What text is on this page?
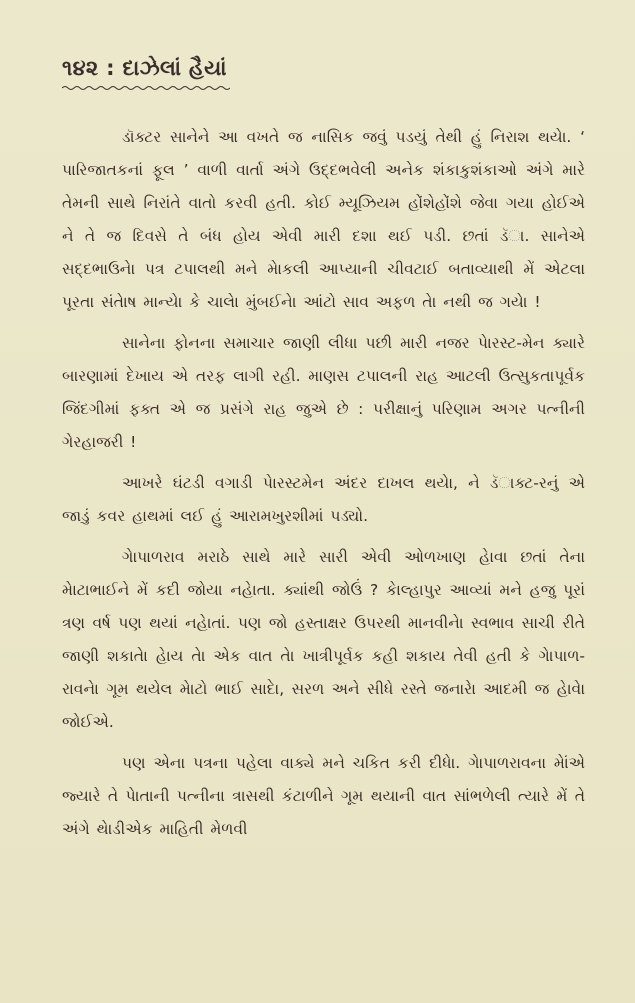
૧૪૨ : દાઝેલાં હૈયાં

ડૉક્ટર સાનેને આ વખતે જ નાસિક જવું પડયું તેથી હું નિરાશ થયેા. ‘ પારિજાતકનાં ફૂલ ’ વાળી વાર્તા અંગે ઉદ્દભવેલી અનેક શંકાકુશંકાઓ અંગે મારે તેમની સાથે નિરાંતે વાતો કરવી હતી. કોઈ મ્યૂઝિયમ હોંશેહોંશે જેવા ગયા હોઈએ ને તે જ દિવસે તે બંધ હોય એવી મારી દશા થઈ પડી. છતાં ડૅા. સાનેએ સદ્દભાઉનેા પત્ર ટપાલથી મને મેાકલી આપ્યાની ચીવટાઈ બતાવ્યાથી મેં એટલા પૂરતા સંતેાષ માન્યેા કે ચાલેા મુંબઈનેા આંટો સાવ અફળ તેા નથી જ ગયેા !

સાનેના ફોનના સમાચાર જાણી લીધા પછી મારી નજર પેારસ્ટ-મેન ક્યારે બારણામાં દેખાય એ તરફ લાગી રહી. માણસ ટપાલની રાહ આટલી ઉત્સુકતાપૂર્વક જિંદગીમાં ફક્ત એ જ પ્રસંગે રાહ જુએ છે : પરીક્ષાનું પરિણામ અગર પત્નીની ગેરહાજરી !

આખરે ઘંટડી વગાડી પેારસ્ટમેન અંદર દાખલ થયેા, ને ડૅાક્ટ-રનું એ જાડું કવર હાથમાં લઈ હું આરામખુરશીમાં પડ્યો.

ગેાપાળરાવ મરાઠે સાથે મારે સારી એવી ઓળખાણ હેાવા છતાં તેના મેાટાભાઈને મેં કદી જોયા નહેાતા. ક્યાંથી જોઉં ? કેાલ્હાપુર આવ્યાં મને હજુ પૂરાં ત્રણ વર્ષ પણ થયાં નહેાતાં. પણ જો હસ્તાક્ષર ઉપરથી માનવીનેા સ્વભાવ સાચી રીતે જાણી શકાતેા હેાય તેા એક વાત તેા ખાત્રીપૂર્વક કહી શકાય તેવી હતી કે ગેાપાળ-રાવનેા ગૂમ થયેલ મેાટો ભાઈ સાદેા, સરળ અને સીધે રસ્તે જનારેા આદમી જ હેાવેા જોઈએ.

પણ એના પત્રના પહેલા વાક્યે મને ચકિત કરી દીધેા. ગેાપાળરાવના મેાંએ જ્યારે તે પેાતાની પત્નીના ત્રાસથી કંટાળીને ગૂમ થયાની વાત સાંભળેલી ત્યારે મેં તે અંગે થેાડીએક માહિતી મેળવી
